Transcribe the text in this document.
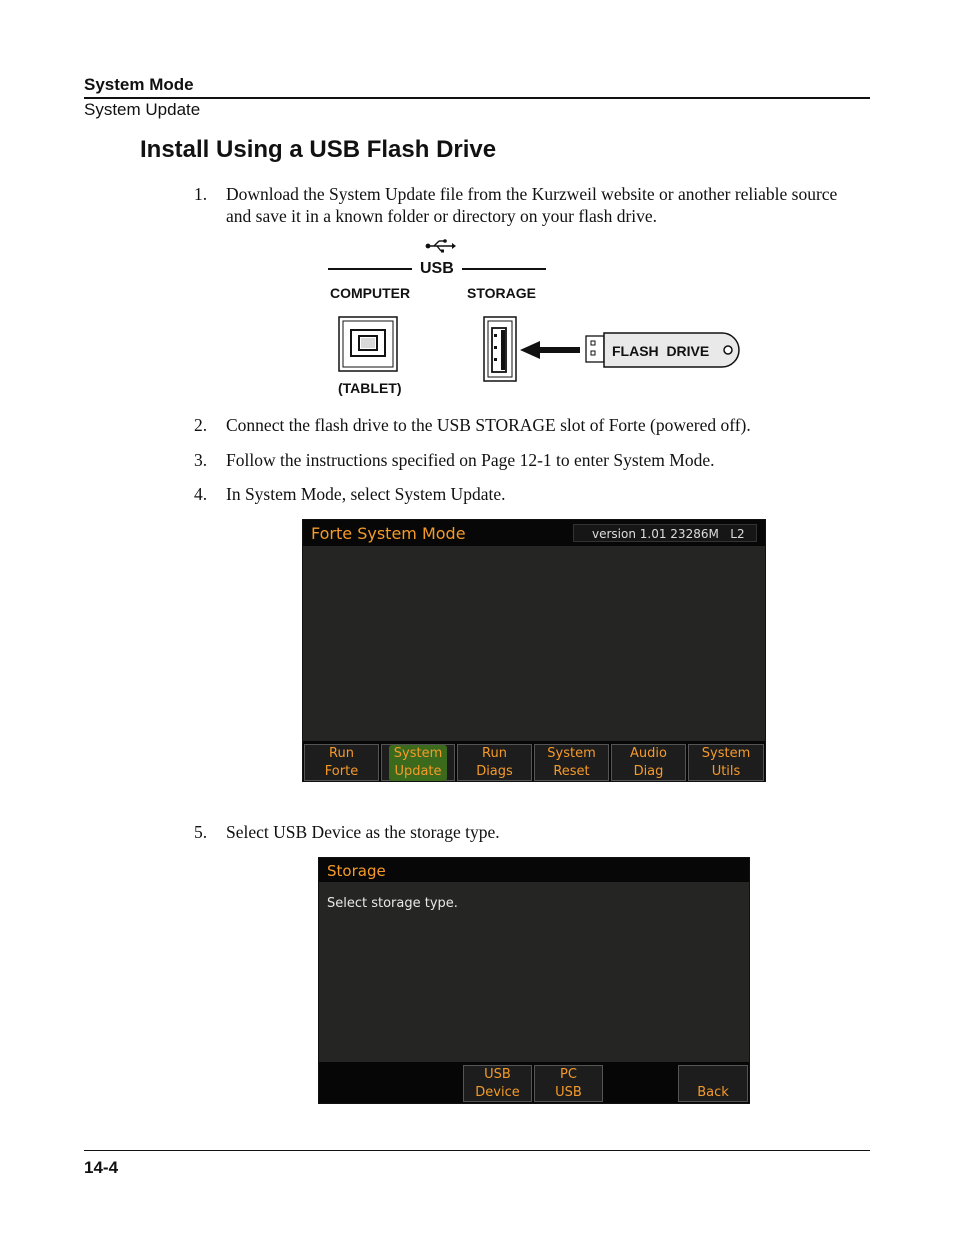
System Mode
System Update
Install Using a USB Flash Drive
1. Download the System Update file from the Kurzweil website or another reliable source and save it in a known folder or directory on your flash drive.
USB
COMPUTER	STORAGE
(TABLET)
FLASH  DRIVE
2. Connect the flash drive to the USB STORAGE slot of Forte (powered off).
3. Follow the instructions specified on Page 12-1 to enter System Mode.
4. In System Mode, select System Update.
Forte System Mode	version 1.01 23286M   L2
Run
Forte
System
Update
Run
Diags
System
Reset
Audio
Diag
System
Utils
5. Select USB Device as the storage type.
Storage
Select storage type.
USB
Device
PC
USB	Back
14-4
